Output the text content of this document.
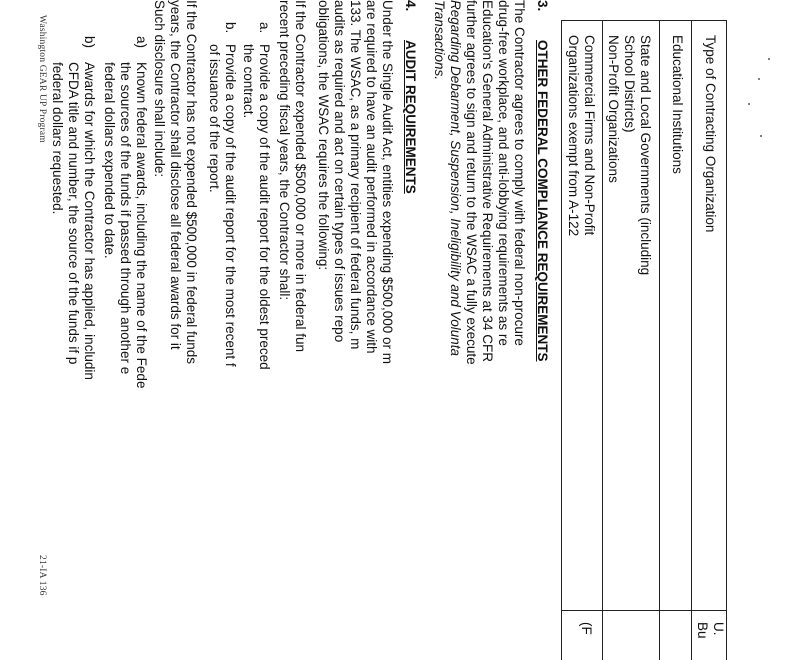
Type of Contracting Organization
U.
Bu
Educational Institutions
State and Local Governments (including
School Districts)
Non-Profit Organizations
Commercial Firms and Non-Profit
Organizations exempt from A-122
(F
3.
OTHER FEDERAL COMPLIANCE REQUIREMENTS
The Contractor agrees to comply with federal non-procure
drug-free workplace, and anti-lobbying requirements as re
Education's General Administrative Requirements at 34 CFR
further agrees to sign and return to the WSAC a fully execute
Regarding Debarment, Suspension, Ineligibility and Volunta
Transactions.
4.
AUDIT REQUIREMENTS
Under the Single Audit Act, entities expending $500,000 or m
are required to have an audit performed in accordance with
133. The WSAC, as a primary recipient of federal funds, m
audits as required and act on certain types of issues repo
obligations, the WSAC requires the following:
If the Contractor expended $500,000 or more in federal fun
recent preceding fiscal years, the Contractor shall:
a.
Provide a copy of the audit report for the oldest preced
the contract.
b.
Provide a copy of the audit report for the most recent f
of issuance of the report.
If the Contractor has not expended $500,000 in federal funds
years, the Contractor shall disclose all federal awards for it
Such disclosure shall include:
a)
Known federal awards, including the name of the Fede
the sources of the funds if passed through another e
federal dollars expended to date.
b)
Awards for which the Contractor has applied, includin
CFDA title and number, the source of the funds if p
federal dollars requested.
Washington GEAR UP Program
21-IA 136
